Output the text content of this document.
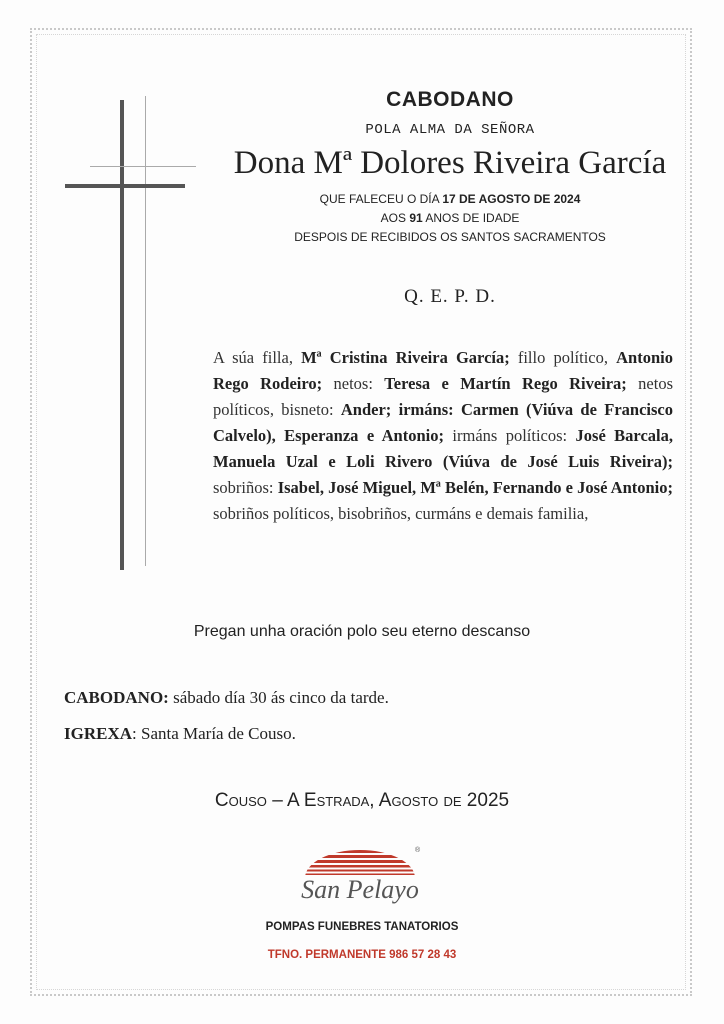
CABODANO
POLA ALMA DA SEÑORA
Dona Mª Dolores Riveira García
QUE FALECEU O DÍA 17 DE AGOSTO DE 2024
AOS 91 ANOS DE IDADE
DESPOIS DE RECIBIDOS OS SANTOS SACRAMENTOS
Q. E. P. D.
A súa filla, Mª Cristina Riveira García; fillo político, Antonio Rego Rodeiro; netos: Teresa e Martín Rego Riveira; netos políticos, bisneto: Ander; irmáns: Carmen (Viúva de Francisco Calvelo), Esperanza e Antonio; irmáns políticos: José Barcala, Manuela Uzal e Loli Rivero (Viúva de José Luis Riveira); sobriños: Isabel, José Miguel, Mª Belén, Fernando e José Antonio; sobriños políticos, bisobriños, curmáns e demais familia,
Pregan unha oración polo seu eterno descanso
CABODANO: sábado día 30 ás cinco da tarde.
IGREXA: Santa María de Couso.
Couso – A Estrada, Agosto de 2025
®
San Pelayo
POMPAS FUNEBRES TANATORIOS
TFNO. PERMANENTE 986 57 28 43
